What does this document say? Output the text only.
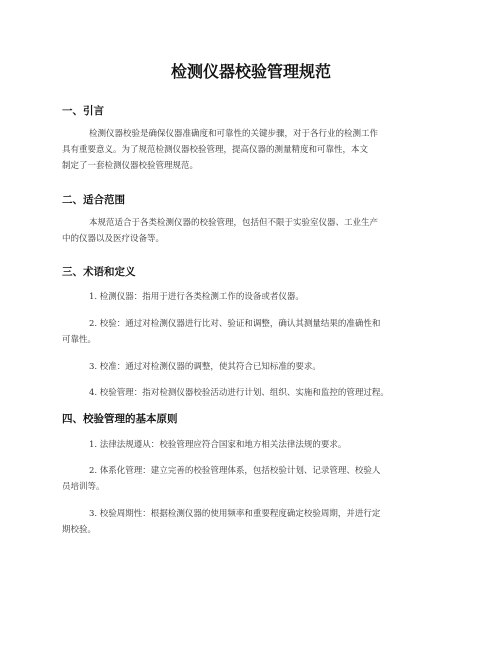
检测仪器校验管理规范
一、引言
检测仪器校验是确保仪器准确度和可靠性的关键步骤，对于各行业的检测工作
具有重要意义。为了规范检测仪器校验管理，提高仪器的测量精度和可靠性，本文
制定了一套检测仪器校验管理规范。
二、适合范围
本规范适合于各类检测仪器的校验管理，包括但不限于实验室仪器、工业生产
中的仪器以及医疗设备等。
三、术语和定义
1. 检测仪器：指用于进行各类检测工作的设备或者仪器。
2. 校验：通过对检测仪器进行比对、验证和调整，确认其测量结果的准确性和
可靠性。
3. 校准：通过对检测仪器的调整，使其符合已知标准的要求。
4. 校验管理：指对检测仪器校验活动进行计划、组织、实施和监控的管理过程。
四、校验管理的基本原则
1. 法律法规遵从：校验管理应符合国家和地方相关法律法规的要求。
2. 体系化管理：建立完善的校验管理体系，包括校验计划、记录管理、校验人
员培训等。
3. 校验周期性：根据检测仪器的使用频率和重要程度确定校验周期，并进行定
期校验。
